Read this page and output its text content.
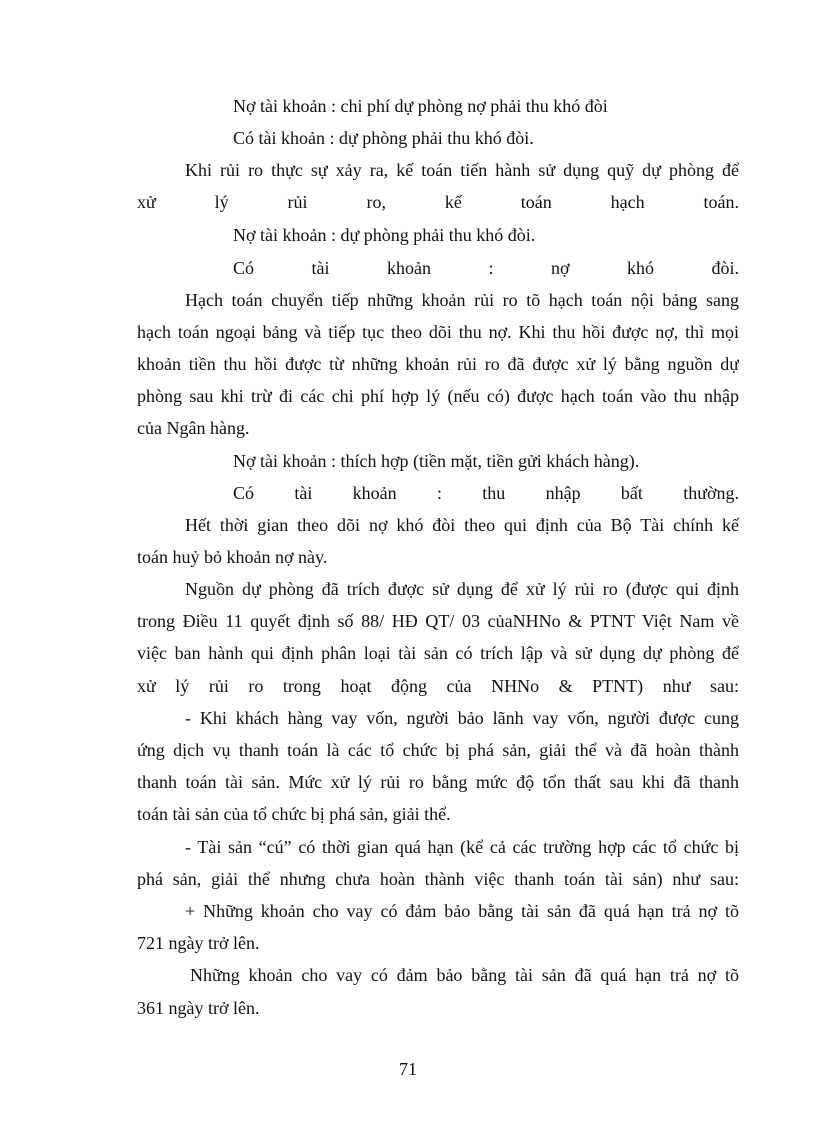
Nợ tài khoản : chi phí dự phòng nợ phải thu khó đòi
Có tài khoản : dự phòng phải thu khó đòi.
Khi rủi ro thực sự xảy ra, kế toán tiến hành sử dụng quỹ dự phòng để
xử lý rủi ro, kế toán hạch toán.
Nợ tài khoản : dự phòng phải thu khó đòi.
Có tài khoản : nợ khó đòi.
Hạch toán chuyển tiếp những khoản rủi ro tõ hạch toán nội bảng sang
hạch toán ngoại bảng và tiếp tục theo dõi thu nợ. Khi thu hồi được nợ, thì mọi
khoản tiền thu hồi được từ những khoản rủi ro đã được xử lý bằng nguồn dự
phòng sau khi trừ đi các chi phí hợp lý (nếu có) được hạch toán vào thu nhập
của Ngân hàng.
Nợ tài khoản : thích hợp (tiền mặt, tiền gửi khách hàng).
Có tài khoản : thu nhập bất thường.
Hết thời gian theo dõi nợ khó đòi theo qui định của Bộ Tài chính kế
toán huỷ bỏ khoản nợ này.
Nguồn dự phòng đã trích được sử dụng để xử lý rủi ro (được qui định
trong Điều 11 quyết định số 88/ HĐ QT/ 03 củaNHNo & PTNT Việt Nam về
việc ban hành qui định phân loại tài sản có trích lập và sử dụng dự phòng để
xử lý rủi ro trong hoạt động của NHNo & PTNT) như sau:
- Khi khách hàng vay vốn, người bảo lãnh vay vốn, người được cung
ứng dịch vụ thanh toán là các tổ chức bị phá sản, giải thể và đã hoàn thành
thanh toán tài sản. Mức xử lý rủi ro bằng mức độ tổn thất sau khi đã thanh
toán tài sản của tổ chức bị phá sản, giải thể.
- Tài sản “cú” có thời gian quá hạn (kể cả các trường hợp các tổ chức bị
phá sản, giải thể nhưng chưa hoàn thành việc thanh toán tài sản) như sau:
+ Những khoản cho vay có đảm bảo bằng tài sản đã quá hạn trả nợ tõ
721 ngày trở lên.
Những khoản cho vay có đảm bảo bằng tài sản đã quá hạn trả nợ tõ
361 ngày trở lên.
71
